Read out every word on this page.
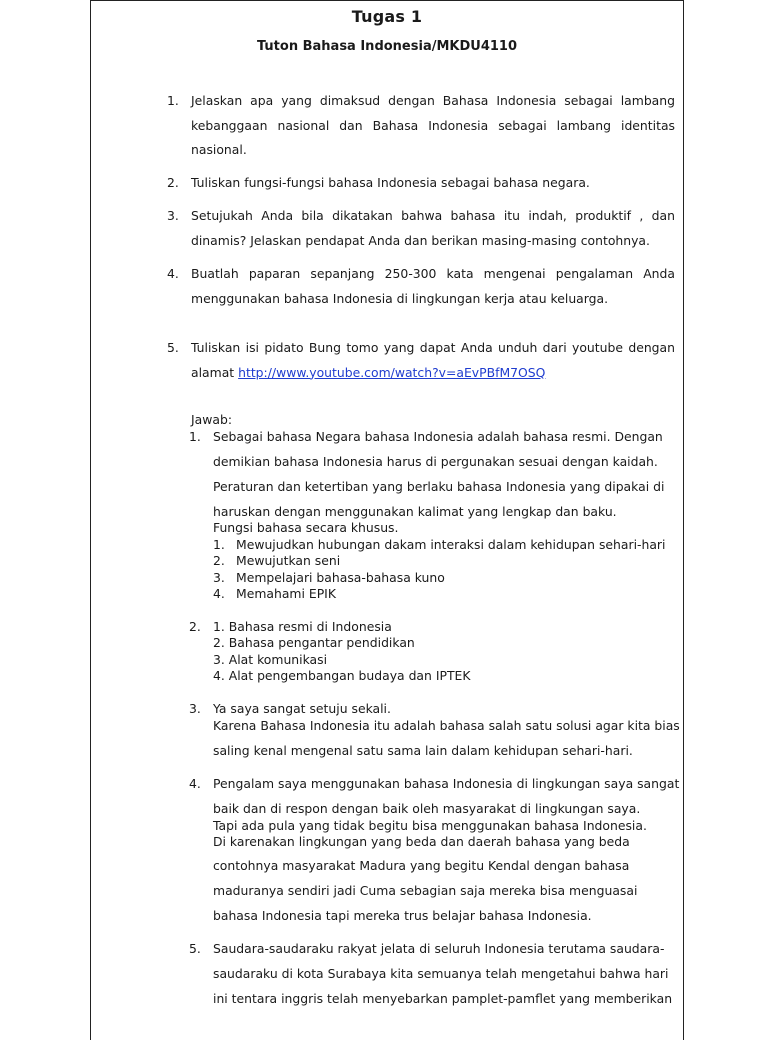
Tugas 1
Tuton Bahasa Indonesia/MKDU4110
1. Jelaskan apa yang dimaksud dengan Bahasa Indonesia sebagai lambang
kebanggaan nasional dan Bahasa Indonesia sebagai lambang identitas
nasional.
2. Tuliskan fungsi-fungsi bahasa Indonesia sebagai bahasa negara.
3. Setujukah Anda bila dikatakan bahwa bahasa itu indah, produktif , dan
dinamis? Jelaskan pendapat Anda dan berikan masing-masing contohnya.
4. Buatlah paparan sepanjang 250-300 kata mengenai pengalaman Anda
menggunakan bahasa Indonesia di lingkungan kerja atau keluarga.
5. Tuliskan isi pidato Bung tomo yang dapat Anda unduh dari youtube dengan
alamat http://www.youtube.com/watch?v=aEvPBfM7OSQ
Jawab:
1. Sebagai bahasa Negara bahasa Indonesia adalah bahasa resmi. Dengan
demikian bahasa Indonesia harus di pergunakan sesuai dengan kaidah.
Peraturan dan ketertiban yang berlaku bahasa Indonesia yang dipakai di
haruskan dengan menggunakan kalimat yang lengkap dan baku.
Fungsi bahasa secara khusus.
1. Mewujudkan hubungan dakam interaksi dalam kehidupan sehari-hari
2. Mewujutkan seni
3. Mempelajari bahasa-bahasa kuno
4. Memahami EPIK
2. 1. Bahasa resmi di Indonesia
2. Bahasa pengantar pendidikan
3. Alat komunikasi
4. Alat pengembangan budaya dan IPTEK
3. Ya saya sangat setuju sekali.
Karena Bahasa Indonesia itu adalah bahasa salah satu solusi agar kita bias
saling kenal mengenal satu sama lain dalam kehidupan sehari-hari.
4. Pengalam saya menggunakan bahasa Indonesia di lingkungan saya sangat
baik dan di respon dengan baik oleh masyarakat di lingkungan saya.
Tapi ada pula yang tidak begitu bisa menggunakan bahasa Indonesia.
Di karenakan lingkungan yang beda dan daerah bahasa yang beda
contohnya masyarakat Madura yang begitu Kendal dengan bahasa
maduranya sendiri jadi Cuma sebagian saja mereka bisa menguasai
bahasa Indonesia tapi mereka trus belajar bahasa Indonesia.
5. Saudara-saudaraku rakyat jelata di seluruh Indonesia terutama saudara-
saudaraku di kota Surabaya kita semuanya telah mengetahui bahwa hari
ini tentara inggris telah menyebarkan pamplet-pamflet yang memberikan
